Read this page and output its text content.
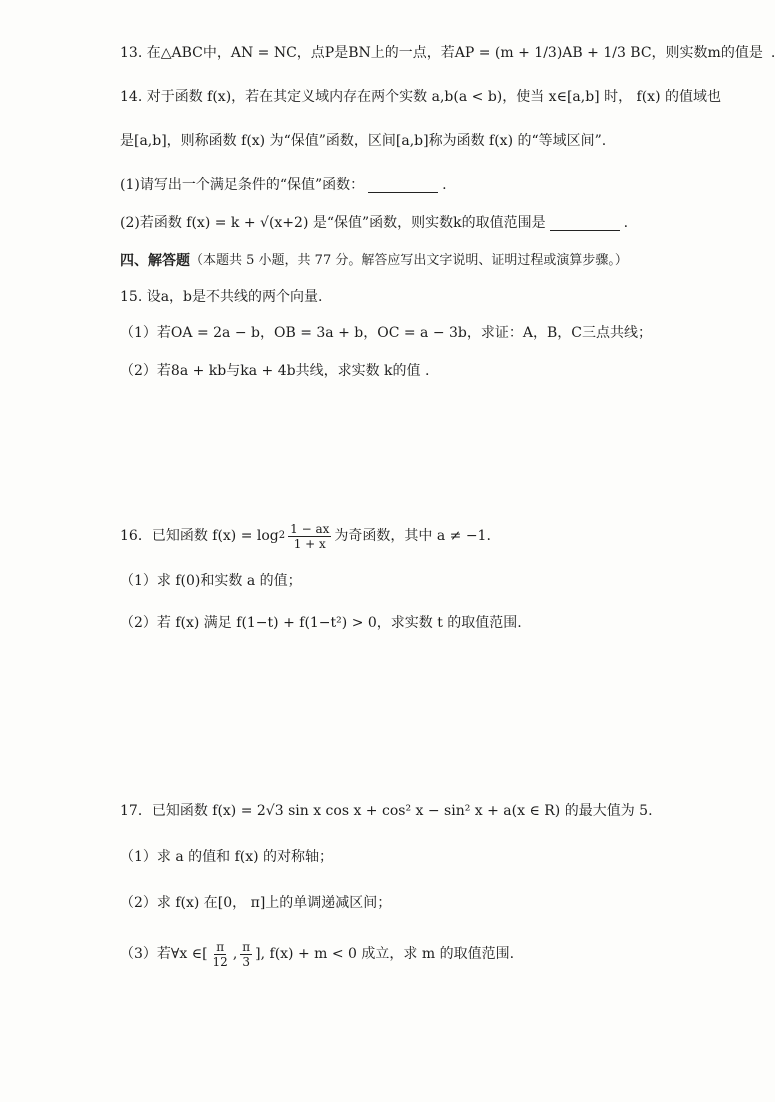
13. 在△ABC中，AN = NC，点P是BN上的一点，若AP = (m + 1/3)AB + 1/3 BC，则实数m的值是 .
14. 对于函数 f(x)，若在其定义域内存在两个实数 a,b(a < b)，使当 x∈[a,b] 时， f(x) 的值域也
是[a,b]，则称函数 f(x) 为“保值”函数，区间[a,b]称为函数 f(x) 的“等域区间”.
(1)请写出一个满足条件的“保值”函数：	.
(2)若函数 f(x) = k + √(x+2) 是“保值”函数，则实数k的取值范围是	.
四、解答题 （本题共 5 小题，共 77 分。解答应写出文字说明、证明过程或演算步骤。）
15. 设a，b是不共线的两个向量.
（1）若OA = 2a − b，OB = 3a + b，OC = a − 3b，求证：A，B，C三点共线；
（2）若8a + kb与ka + 4b共线，求实数 k的值 .
16．已知函数 $f(x) = \log 2 \frac{1 - ax}{1 + x}$ 为奇函数，其中 a ≠ −1.
（1）求 f(0)和实数 a 的值；
（2）若 f(x) 满足 f(1−t) + f(1−t²) > 0，求实数 t 的取值范围.
17．已知函数 f(x) = 2√3 sin x cos x + cos² x − sin² x + a(x ∈ R) 的最大值为 5.
（1）求 a 的值和 f(x) 的对称轴；
（2）求 f(x) 在[0， π]上的单调递减区间；
（3）若∀x ∈[ $\frac{\pi}{12}$ , $\frac{\pi}{3}$ ], f(x) + m < 0 成立，求 m 的取值范围.
